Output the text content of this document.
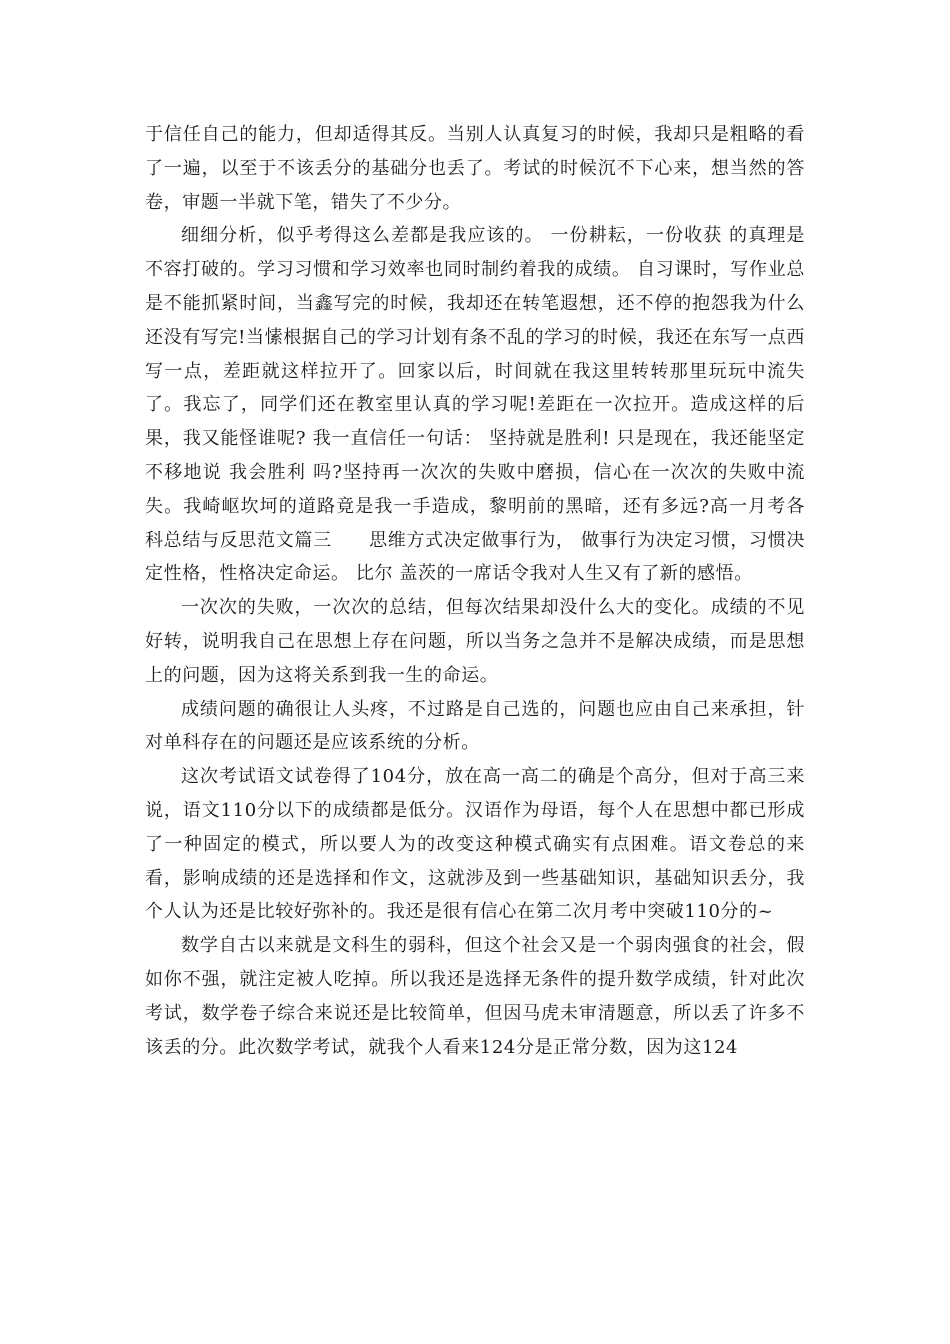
于信任自己的能力，但却适得其反。当别人认真复习的时候，我却只是粗略的看了一遍，以至于不该丢分的基础分也丢了。考试的时候沉不下心来，想当然的答卷，审题一半就下笔，错失了不少分。

细细分析，似乎考得这么差都是我应该的。 一份耕耘，一份收获 的真理是不容打破的。学习习惯和学习效率也同时制约着我的成绩。 自习课时，写作业总是不能抓紧时间，当鑫写完的时候，我却还在转笔遐想，还不停的抱怨我为什么还没有写完!当愫根据自己的学习计划有条不乱的学习的时候，我还在东写一点西写一点，差距就这样拉开了。回家以后，时间就在我这里转转那里玩玩中流失了。我忘了，同学们还在教室里认真的学习呢!差距在一次拉开。造成这样的后果，我又能怪谁呢? 我一直信任一句话： 坚持就是胜利! 只是现在，我还能坚定不移地说 我会胜利 吗?坚持再一次次的失败中磨损，信心在一次次的失败中流失。我崎岖坎坷的道路竟是我一手造成，黎明前的黑暗，还有多远?高一月考各科总结与反思范文篇三　　思维方式决定做事行为， 做事行为决定习惯，习惯决定性格，性格决定命运。 比尔 盖茨的一席话令我对人生又有了新的感悟。

一次次的失败，一次次的总结，但每次结果却没什么大的变化。成绩的不见好转，说明我自己在思想上存在问题，所以当务之急并不是解决成绩，而是思想上的问题，因为这将关系到我一生的命运。

成绩问题的确很让人头疼，不过路是自己选的，问题也应由自己来承担，针对单科存在的问题还是应该系统的分析。

这次考试语文试卷得了104分，放在高一高二的确是个高分，但对于高三来说，语文110分以下的成绩都是低分。汉语作为母语，每个人在思想中都已形成了一种固定的模式，所以要人为的改变这种模式确实有点困难。语文卷总的来看，影响成绩的还是选择和作文，这就涉及到一些基础知识，基础知识丢分，我个人认为还是比较好弥补的。我还是很有信心在第二次月考中突破110分的~

数学自古以来就是文科生的弱科，但这个社会又是一个弱肉强食的社会，假如你不强，就注定被人吃掉。所以我还是选择无条件的提升数学成绩，针对此次考试，数学卷子综合来说还是比较简单，但因马虎未审清题意，所以丢了许多不该丢的分。此次数学考试，就我个人看来124分是正常分数，因为这124
